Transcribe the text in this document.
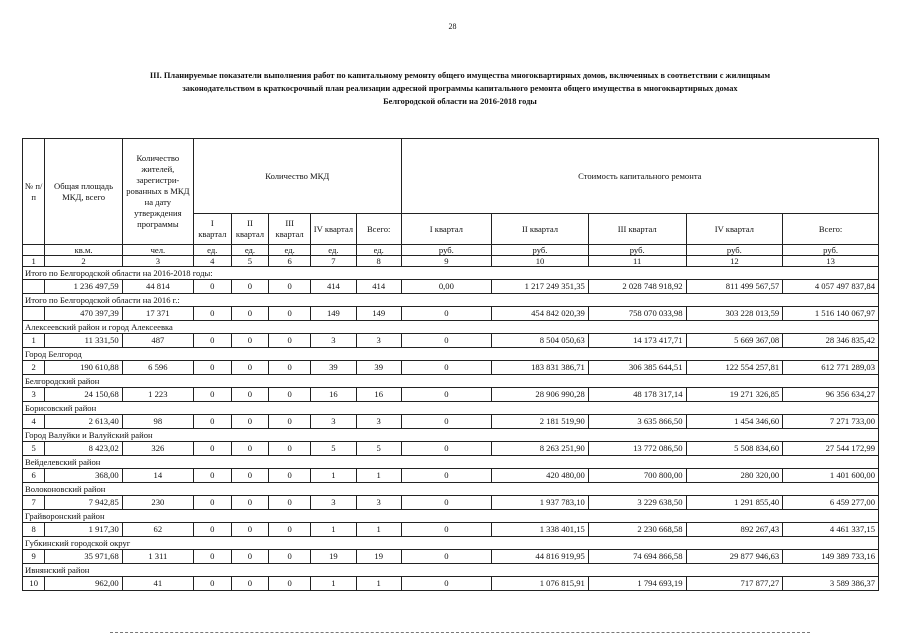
28
III. Планируемые показатели выполнения работ по капитальному ремонту общего имущества многоквартирных домов, включенных в соответствии с жилищным
законодательством в краткосрочный план реализации адресной программы капитального ремонта общего имущества в многоквартирных домах
Белгородской области на 2016-2018 годы
№ п/п	Общая площадь МКД, всего	Количество жителей, зарегистри-рованных в МКД на дату утверждения программы	Количество МКД					Стоимость капитального ремонта				
			I квартал	II квартал	III квартал	IV квартал	Всего:	I квартал	II квартал	III квартал	IV квартал	Всего:
	кв.м.	чел.	ед.	ед.	ед.	ед.	ед.	руб.	руб.	руб.	руб.	руб.
1	2	3	4	5	6	7	8	9	10	11	12	13
Итого по Белгородской области на 2016-2018 годы:												
	1 236 497,59	44 814	0	0	0	414	414	0,00	1 217 249 351,35	2 028 748 918,92	811 499 567,57	4 057 497 837,84
Итого по Белгородской области на 2016 г.:												
	470 397,39	17 371	0	0	0	149	149	0	454 842 020,39	758 070 033,98	303 228 013,59	1 516 140 067,97
Алексеевский район и город Алексеевка												
1	11 331,50	487	0	0	0	3	3	0	8 504 050,63	14 173 417,71	5 669 367,08	28 346 835,42
Город Белгород												
2	190 610,88	6 596	0	0	0	39	39	0	183 831 386,71	306 385 644,51	122 554 257,81	612 771 289,03
Белгородский район												
3	24 150,68	1 223	0	0	0	16	16	0	28 906 990,28	48 178 317,14	19 271 326,85	96 356 634,27
Борисовский район												
4	2 613,40	98	0	0	0	3	3	0	2 181 519,90	3 635 866,50	1 454 346,60	7 271 733,00
Город Валуйки и Валуйский район												
5	8 423,02	326	0	0	0	5	5	0	8 263 251,90	13 772 086,50	5 508 834,60	27 544 172,99
Вейделевский район												
6	368,00	14	0	0	0	1	1	0	420 480,00	700 800,00	280 320,00	1 401 600,00
Волоконовский район												
7	7 942,85	230	0	0	0	3	3	0	1 937 783,10	3 229 638,50	1 291 855,40	6 459 277,00
Грайворонский район												
8	1 917,30	62	0	0	0	1	1	0	1 338 401,15	2 230 668,58	892 267,43	4 461 337,15
Губкинский городской округ												
9	35 971,68	1 311	0	0	0	19	19	0	44 816 919,95	74 694 866,58	29 877 946,63	149 389 733,16
Ивнянский район												
10	962,00	41	0	0	0	1	1	0	1 076 815,91	1 794 693,19	717 877,27	3 589 386,37
